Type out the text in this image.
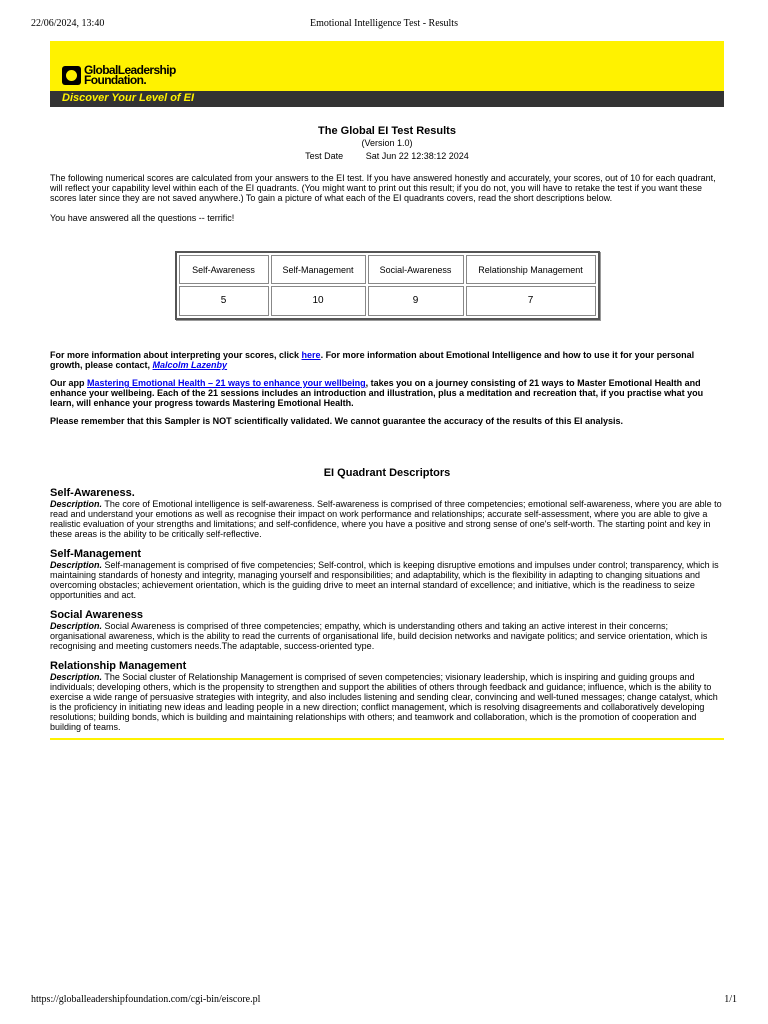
22/06/2024, 13:40	Emotional Intelligence Test - Results
GlobalLeadership
Foundation.
Discover Your Level of EI
The Global EI Test Results
(Version 1.0)
Test Date	Sat Jun 22 12:38:12 2024

The following numerical scores are calculated from your answers to the EI test. If you have answered honestly and accurately, your scores, out of 10 for each quadrant, will reflect your capability level within each of the EI quadrants. (You might want to print out this result; if you do not, you will have to retake the test if you want these scores later since they are not saved anywhere.) To gain a picture of what each of the EI quadrants covers, read the short descriptions below.

You have answered all the questions -- terrific!

Self-Awareness	Self-Management	Social-Awareness	Relationship Management
5	10	9	7

For more information about interpreting your scores, click here. For more information about Emotional Intelligence and how to use it for your personal growth, please contact, Malcolm Lazenby

Our app Mastering Emotional Health – 21 ways to enhance your wellbeing, takes you on a journey consisting of 21 ways to Master Emotional Health and enhance your wellbeing. Each of the 21 sessions includes an introduction and illustration, plus a meditation and recreation that, if you practise what you learn, will enhance your progress towards Mastering Emotional Health.

Please remember that this Sampler is NOT scientifically validated. We cannot guarantee the accuracy of the results of this EI analysis.

EI Quadrant Descriptors
Self-Awareness.

Description. The core of Emotional intelligence is self-awareness. Self-awareness is comprised of three competencies; emotional self-awareness, where you are able to read and understand your emotions as well as recognise their impact on work performance and relationships; accurate self-assessment, where you are able to give a realistic evaluation of your strengths and limitations; and self-confidence, where you have a positive and strong sense of one's self-worth. The starting point and key in these areas is the ability to be critically self-reflective.

Self-Management

Description. Self-management is comprised of five competencies; Self-control, which is keeping disruptive emotions and impulses under control; transparency, which is maintaining standards of honesty and integrity, managing yourself and responsibilities; and adaptability, which is the flexibility in adapting to changing situations and overcoming obstacles; achievement orientation, which is the guiding drive to meet an internal standard of excellence; and initiative, which is the readiness to seize opportunities and act.

Social Awareness

Description. Social Awareness is comprised of three competencies; empathy, which is understanding others and taking an active interest in their concerns; organisational awareness, which is the ability to read the currents of organisational life, build decision networks and navigate politics; and service orientation, which is recognising and meeting customers needs.The adaptable, success-oriented type.

Relationship Management

Description. The Social cluster of Relationship Management is comprised of seven competencies; visionary leadership, which is inspiring and guiding groups and individuals; developing others, which is the propensity to strengthen and support the abilities of others through feedback and guidance; influence, which is the ability to exercise a wide range of persuasive strategies with integrity, and also includes listening and sending clear, convincing and well-tuned messages; change catalyst, which is the proficiency in initiating new ideas and leading people in a new direction; conflict management, which is resolving disagreements and collaboratively developing resolutions; building bonds, which is building and maintaining relationships with others; and teamwork and collaboration, which is the promotion of cooperation and building of teams.

https://globalleadershipfoundation.com/cgi-bin/eiscore.pl	1/1
